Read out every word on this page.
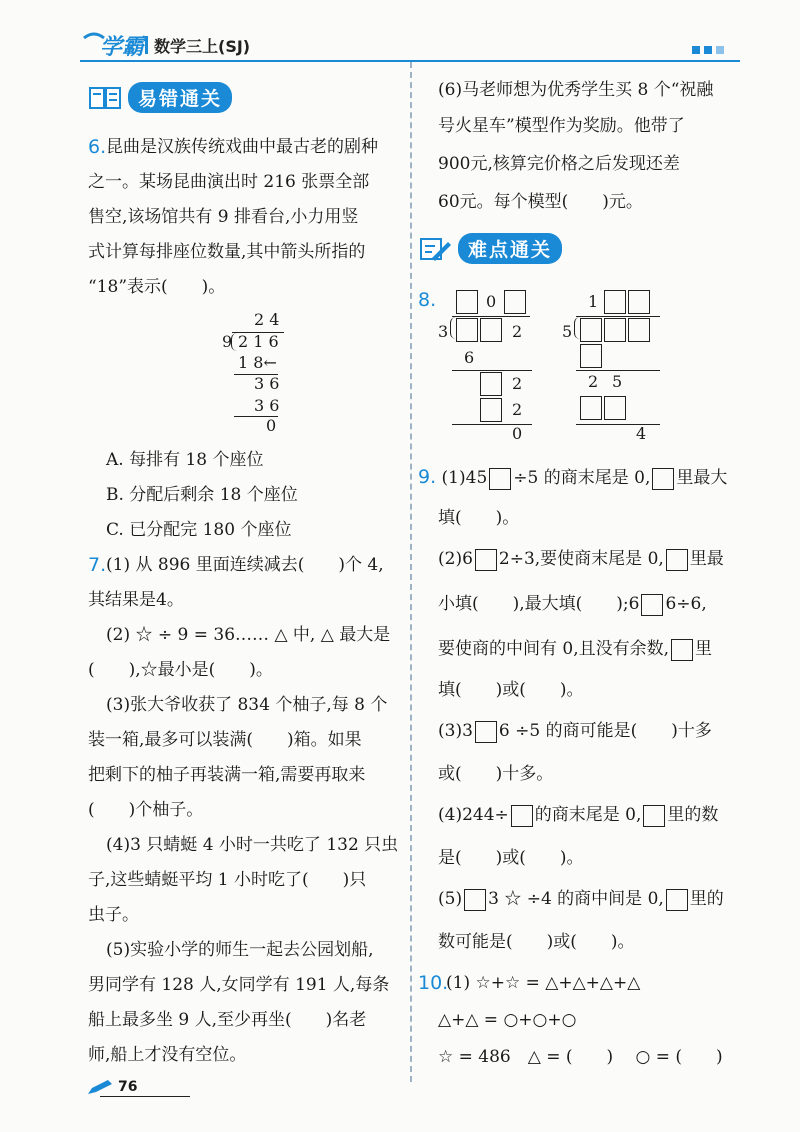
学霸 数学三上(SJ)
易错通关
6. 昆曲是汉族传统戏曲中最古老的剧种
之一。某场昆曲演出时 216 张票全部
售空,该场馆共有 9 排看台,小力用竖
式计算每排座位数量,其中箭头所指的
“18”表示(　　)。
2 4
9 2 1 6
1 8←
3 6
3 6
0
A. 每排有 18 个座位
B. 分配后剩余 18 个座位
C. 已分配完 180 个座位
7. (1) 从 896 里面连续减去(　　)个 4,
其结果是4。
(2) ☆ ÷ 9 = 36…… △ 中, △ 最大是
(　　),☆最小是(　　)。
(3)张大爷收获了 834 个柚子,每 8 个
装一箱,最多可以装满(　　)箱。如果
把剩下的柚子再装满一箱,需要再取来
(　　)个柚子。
(4)3 只蜻蜓 4 小时一共吃了 132 只虫
子,这些蜻蜓平均 1 小时吃了(　　)只
虫子。
(5)实验小学的师生一起去公园划船,
男同学有 128 人,女同学有 191 人,每条
船上最多坐 9 人,至少再坐(　　)名老
师,船上才没有空位。
76
(6)马老师想为优秀学生买 8 个“祝融
号火星车”模型作为奖励。他带了
900元,核算完价格之后发现还差
60元。每个模型(　　)元。
难点通关
8.	0
3	2
6
2
2
0
1
5
2 5
4
9. (1)45 ÷5 的商末尾是 0, 里最大
填(　　)。
(2)6 2÷3,要使商末尾是 0, 里最
小填(　　),最大填(　　);6 6÷6,
要使商的中间有 0,且没有余数, 里
填(　　)或(　　)。
(3)3 6 ÷5 的商可能是(　　)十多
或(　　)十多。
(4)244÷ 的商末尾是 0, 里的数
是(　　)或(　　)。
(5) 3 ☆ ÷4 的商中间是 0, 里的
数可能是(　　)或(　　)。
10.
(1) ☆+☆ = △+△+△+△
△+△ = ○+○+○
☆ = 486　△ = (　　)　 ○ = (　　)
